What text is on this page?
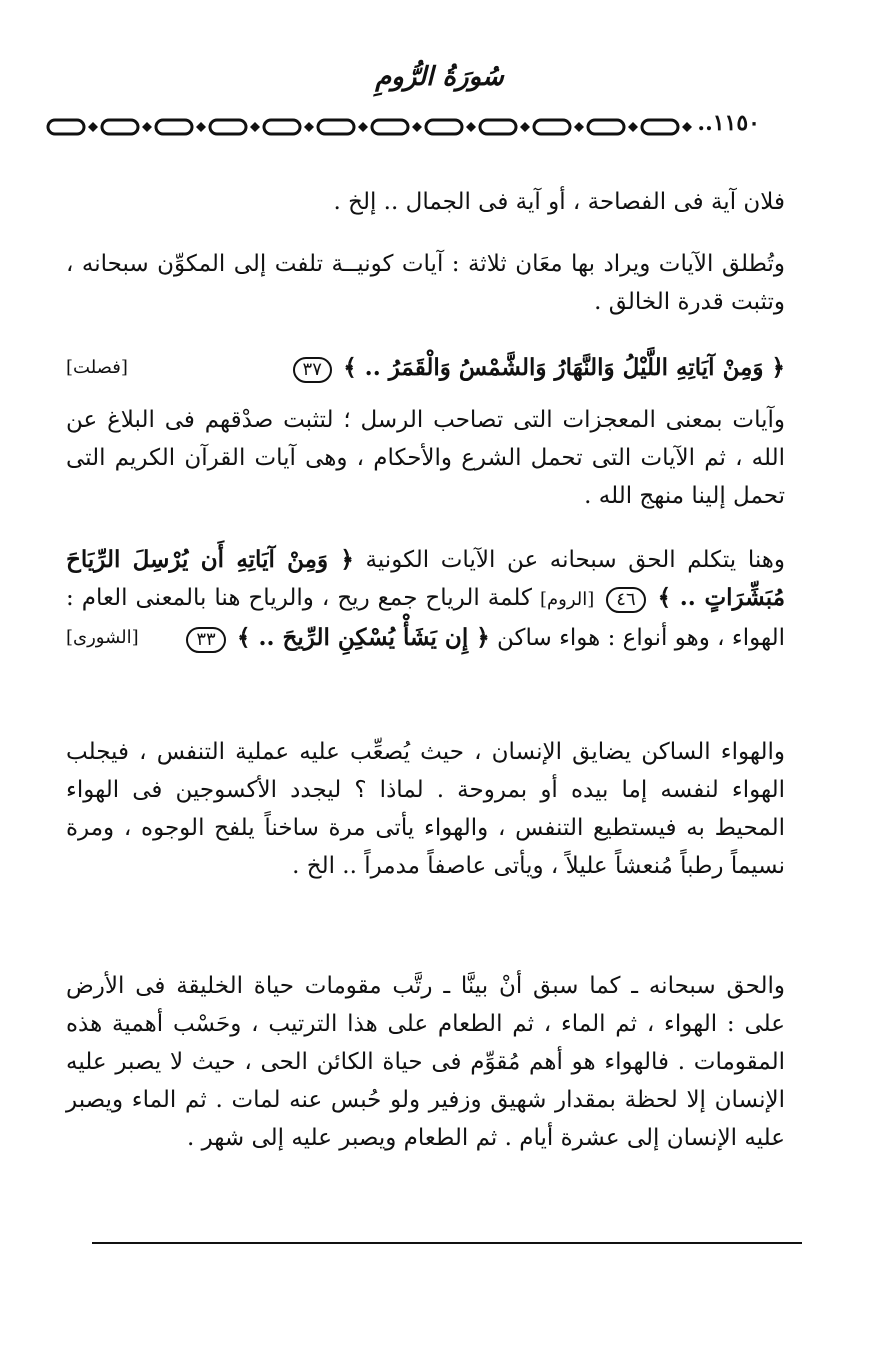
سُورَةُ الرُّومِ
١١٥٠..

فلان آية فى الفصاحة ، أو آية فى الجمال .. إلخ .

وتُطلق الآيات ويراد بها معَان ثلاثة : آيات كونيــة تلفت إلى المكوِّن سبحانه ، وتثبت قدرة الخالق .

﴿ وَمِنْ آيَاتِهِ اللَّيْلُ وَالنَّهَارُ وَالشَّمْسُ وَالْقَمَرُ .. ﴾ ٣٧
[فصلت]

وآيات بمعنى المعجزات التى تصاحب الرسل ؛ لتثبت صدْقهم فى البلاغ عن الله ، ثم الآيات التى تحمل الشرع والأحكام ، وهى آيات القرآن الكريم التى تحمل إلينا منهج الله .

وهنا يتكلم الحق سبحانه عن الآيات الكونية ﴿ وَمِنْ آيَاتِهِ أَن يُرْسِلَ الرِّيَاحَ مُبَشِّرَاتٍ .. ﴾ ٤٦ [الروم] كلمة الرياح جمع ريح ، والرياح هنا بالمعنى العام : الهواء ، وهو أنواع : هواء ساكن ﴿ إِن يَشَأْ يُسْكِنِ الرِّيحَ .. ﴾ ٣٣
[الشورى]

والهواء الساكن يضايق الإنسان ، حيث يُصعِّب عليه عملية التنفس ، فيجلب الهواء لنفسه إما بيده أو بمروحة . لماذا ؟ ليجدد الأكسوجين فى الهواء المحيط به فيستطيع التنفس ، والهواء يأتى مرة ساخناً يلفح الوجوه ، ومرة نسيماً رطباً مُنعشاً عليلاً ، ويأتى عاصفاً مدمراً .. الخ .

والحق سبحانه ـ كما سبق أنْ بينَّا ـ رتَّب مقومات حياة الخليقة فى الأرض على : الهواء ، ثم الماء ، ثم الطعام على هذا الترتيب ، وحَسْب أهمية هذه المقومات . فالهواء هو أهم مُقوِّم فى حياة الكائن الحى ، حيث لا يصبر عليه الإنسان إلا لحظة بمقدار شهيق وزفير ولو حُبس عنه لمات . ثم الماء ويصبر عليه الإنسان إلى عشرة أيام . ثم الطعام ويصبر عليه إلى شهر .
